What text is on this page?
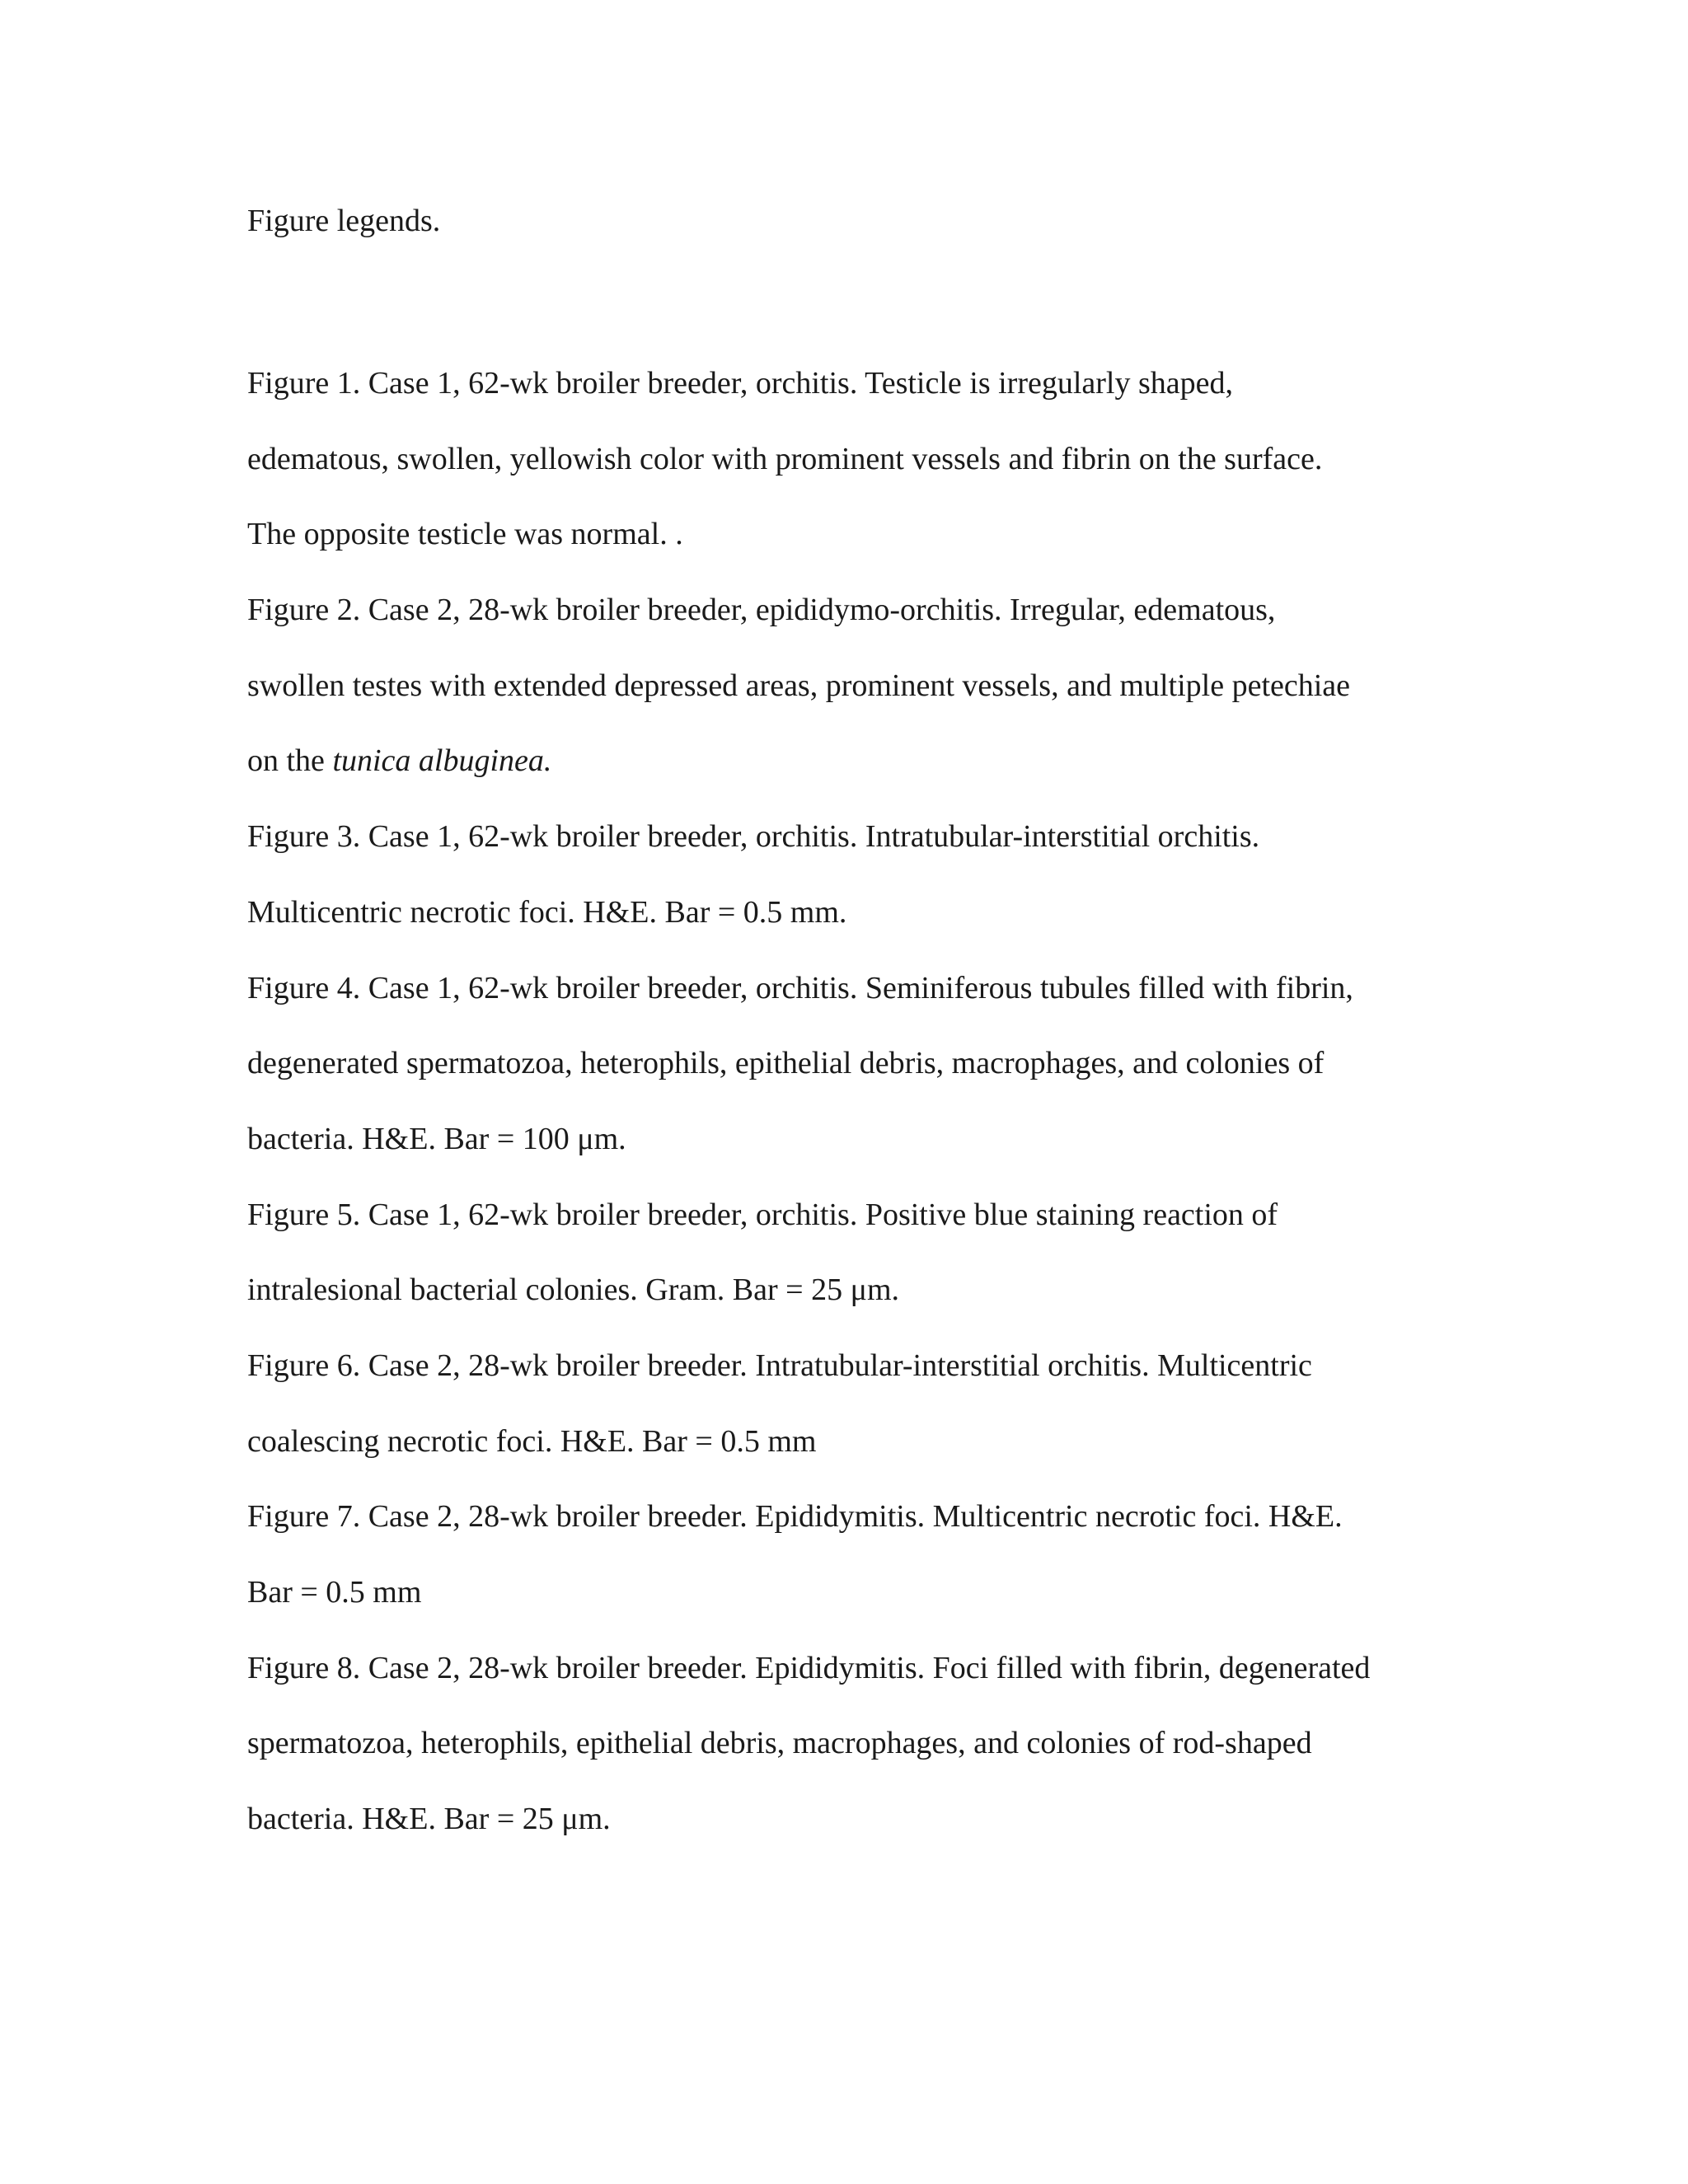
Figure legends.

Figure 1. Case 1, 62-wk broiler breeder, orchitis. Testicle is irregularly shaped,
edematous, swollen, yellowish color with prominent vessels and fibrin on the surface.
The opposite testicle was normal. .

Figure 2. Case 2, 28-wk broiler breeder, epididymo-orchitis. Irregular, edematous,
swollen testes with extended depressed areas, prominent vessels, and multiple petechiae
on the tunica albuginea.

Figure 3. Case 1, 62-wk broiler breeder, orchitis. Intratubular-interstitial orchitis.
Multicentric necrotic foci. H&E. Bar = 0.5 mm.

Figure 4. Case 1, 62-wk broiler breeder, orchitis. Seminiferous tubules filled with fibrin,
degenerated spermatozoa, heterophils, epithelial debris, macrophages, and colonies of
bacteria. H&E. Bar = 100 μm.

Figure 5. Case 1, 62-wk broiler breeder, orchitis. Positive blue staining reaction of
intralesional bacterial colonies. Gram. Bar = 25 μm.

Figure 6. Case 2, 28-wk broiler breeder. Intratubular-interstitial orchitis. Multicentric
coalescing necrotic foci. H&E. Bar = 0.5 mm

Figure 7. Case 2, 28-wk broiler breeder. Epididymitis. Multicentric necrotic foci. H&E.
Bar = 0.5 mm

Figure 8. Case 2, 28-wk broiler breeder. Epididymitis. Foci filled with fibrin, degenerated
spermatozoa, heterophils, epithelial debris, macrophages, and colonies of rod-shaped
bacteria. H&E. Bar = 25 μm.
